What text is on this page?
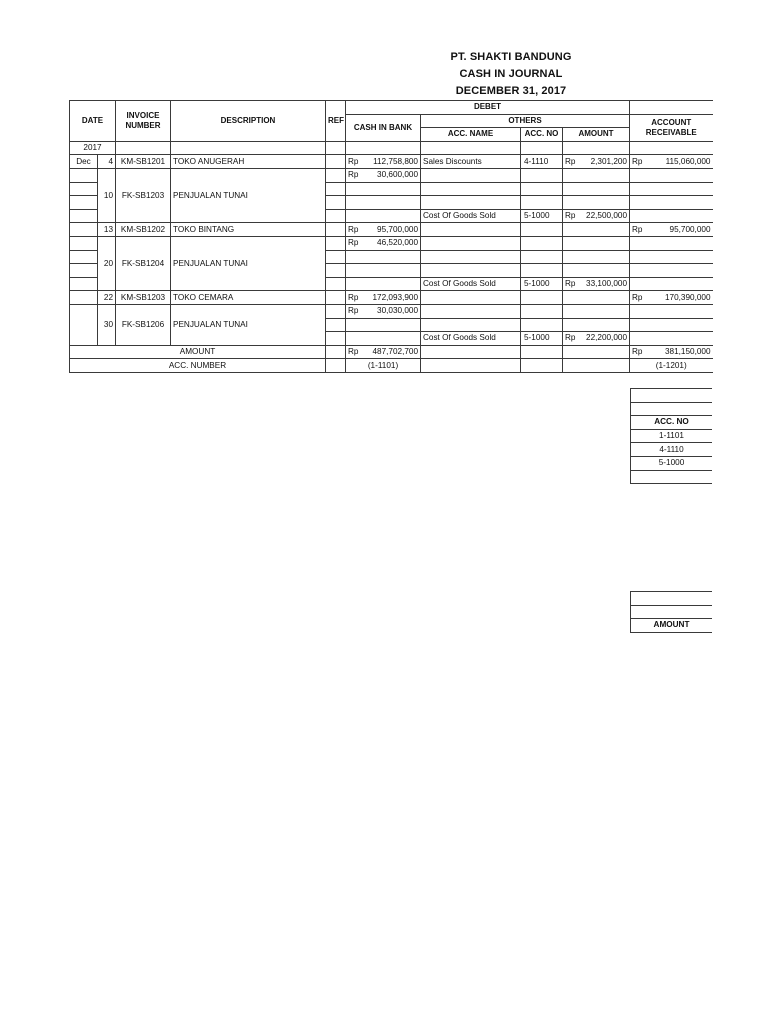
PT. SHAKTI BANDUNG
CASH IN JOURNAL
DECEMBER 31, 2017
DATE		INVOICE NUMBER	DESCRIPTION	REF	DEBET				
					CASH IN BANK	OTHERS			ACCOUNT RECEIVABLE
						ACC. NAME	ACC. NO	AMOUNT	
2017									
Dec	4	KM-SB1201	TOKO ANUGERAH		Rp 112,758,800	Sales Discounts	4-1110	Rp 2,301,200	Rp 115,060,000

	10	FK-SB1203	PENJUALAN TUNAI		Rp 30,600,000				

						Cost Of Goods Sold	5-1000	Rp 22,500,000	

	13	KM-SB1202	TOKO BINTANG		Rp 95,700,000				Rp 95,700,000

	20	FK-SB1204	PENJUALAN TUNAI		Rp 46,520,000				

						Cost Of Goods Sold	5-1000	Rp 33,100,000	

	22	KM-SB1203	TOKO CEMARA		Rp 172,093,900				Rp 170,390,000

	30	FK-SB1206	PENJUALAN TUNAI		Rp 30,030,000				

						Cost Of Goods Sold	5-1000	Rp 22,200,000	

AMOUNT					Rp 487,702,700				Rp 381,150,000

ACC. NUMBER					(1-1101)				(1-1201)

ACC. NO
1-1101
4-1110
5-1000

AMOUNT
